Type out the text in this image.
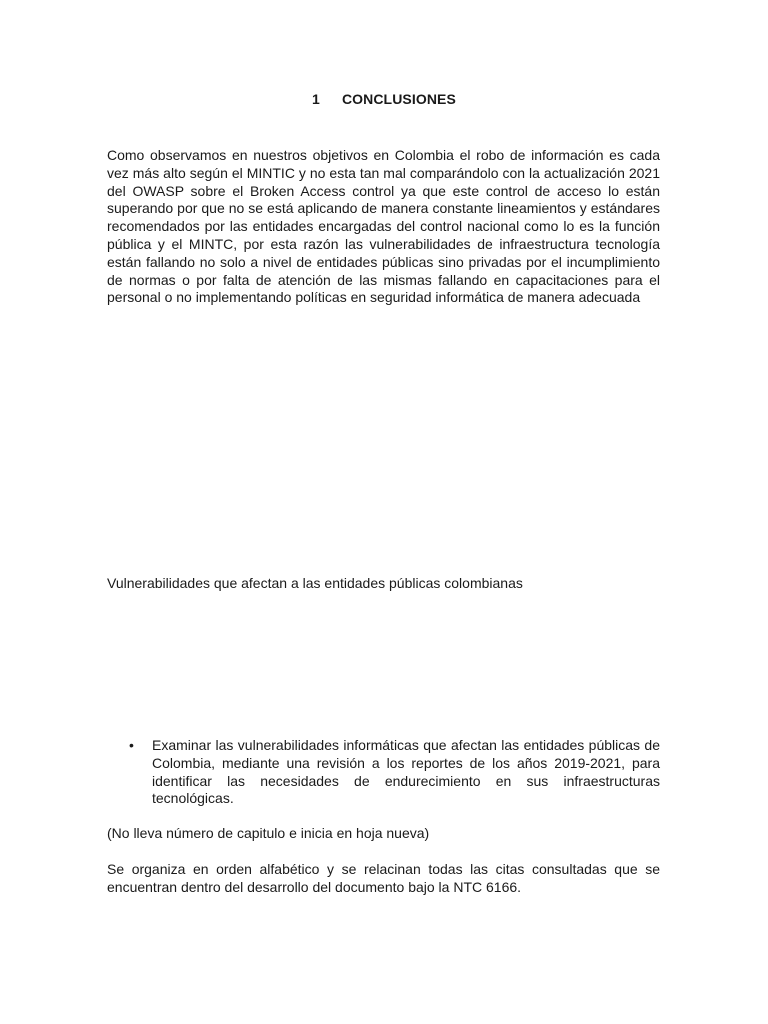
1 CONCLUSIONES

Como observamos en nuestros objetivos en Colombia el robo de información es cada vez más alto según el MINTIC y no esta tan mal comparándolo con la actualización 2021 del OWASP sobre el Broken Access control ya que este control de acceso lo están superando por que no se está aplicando de manera constante lineamientos y estándares recomendados por las entidades encargadas del control nacional como lo es la función pública y el MINTC, por esta razón las vulnerabilidades de infraestructura tecnología están fallando no solo a nivel de entidades públicas sino privadas por el incumplimiento de normas o por falta de atención de las mismas fallando en capacitaciones para el personal o no implementando políticas en seguridad informática de manera adecuada

Vulnerabilidades que afectan a las entidades públicas colombianas

• Examinar las vulnerabilidades informáticas que afectan las entidades públicas de Colombia, mediante una revisión a los reportes de los años 2019-2021, para identificar las necesidades de endurecimiento en sus infraestructuras tecnológicas.

(No lleva número de capitulo e inicia en hoja nueva)

Se organiza en orden alfabético y se relacinan todas las citas consultadas que se encuentran dentro del desarrollo del documento bajo la NTC 6166.
